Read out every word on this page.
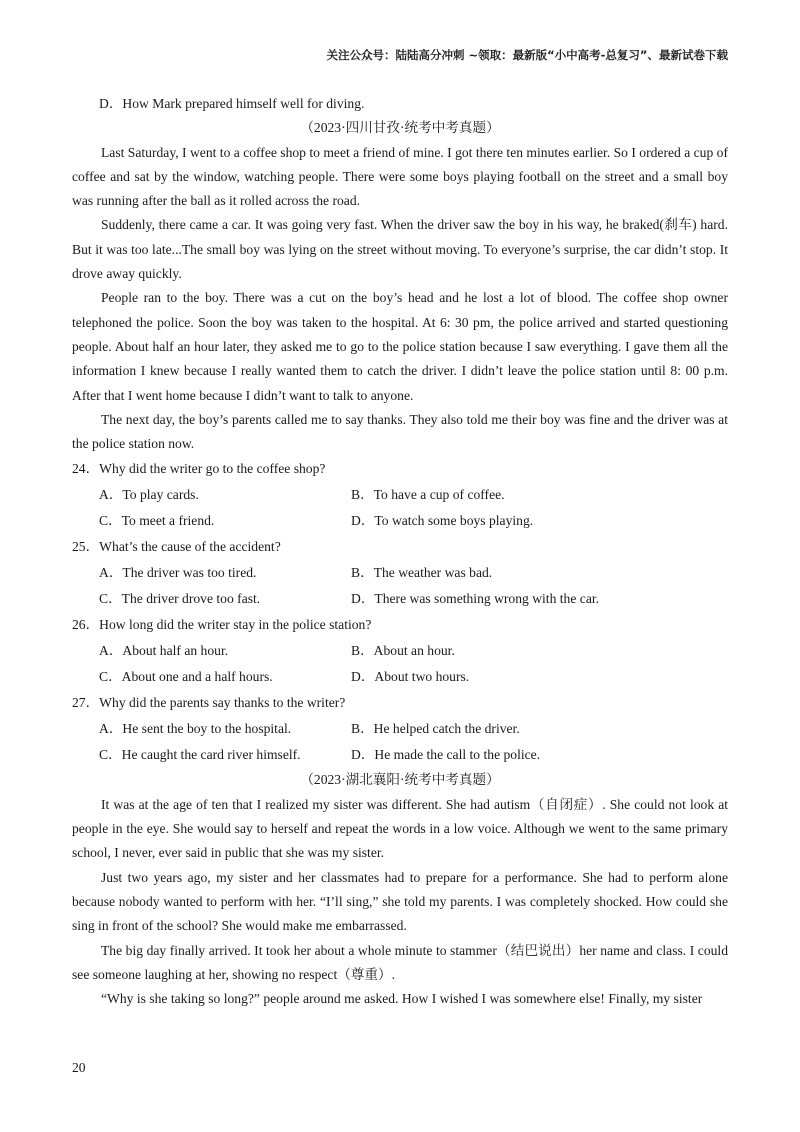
关注公众号：陆陆高分冲刺 ~领取：最新版“小中高考-总复习”、最新试卷下载

D．How Mark prepared himself well for diving.

（2023·四川甘孜·统考中考真题）

Last Saturday, I went to a coffee shop to meet a friend of mine. I got there ten minutes earlier. So I ordered a cup of coffee and sat by the window, watching people. There were some boys playing football on the street and a small boy was running after the ball as it rolled across the road.

Suddenly, there came a car. It was going very fast. When the driver saw the boy in his way, he braked(刹车) hard. But it was too late...The small boy was lying on the street without moving. To everyone’s surprise, the car didn’t stop. It drove away quickly.

People ran to the boy. There was a cut on the boy’s head and he lost a lot of blood. The coffee shop owner telephoned the police. Soon the boy was taken to the hospital. At 6: 30 pm, the police arrived and started questioning people. About half an hour later, they asked me to go to the police station because I saw everything. I gave them all the information I knew because I really wanted them to catch the driver. I didn’t leave the police station until 8: 00 p.m. After that I went home because I didn’t want to talk to anyone.

The next day, the boy’s parents called me to say thanks. They also told me their boy was fine and the driver was at the police station now.

24．Why did the writer go to the coffee shop?

A．To play cards.	B．To have a cup of coffee.
C．To meet a friend.	D．To watch some boys playing.

25．What’s the cause of the accident?

A．The driver was too tired.	B．The weather was bad.
C．The driver drove too fast.	D．There was something wrong with the car.

26．How long did the writer stay in the police station?

A．About half an hour.	B．About an hour.
C．About one and a half hours.	D．About two hours.

27．Why did the parents say thanks to the writer?

A．He sent the boy to the hospital.	B．He helped catch the driver.
C．He caught the card river himself.	D．He made the call to the police.

（2023·湖北襄阳·统考中考真题）

It was at the age of ten that I realized my sister was different. She had autism（自闭症）. She could not look at people in the eye. She would say to herself and repeat the words in a low voice. Although we went to the same primary school, I never, ever said in public that she was my sister.

Just two years ago, my sister and her classmates had to prepare for a performance. She had to perform alone because nobody wanted to perform with her. “I’ll sing,” she told my parents. I was completely shocked. How could she sing in front of the school? She would make me embarrassed.

The big day finally arrived. It took her about a whole minute to stammer（结巴说出）her name and class. I could see someone laughing at her, showing no respect（尊重）.

“Why is she taking so long?” people around me asked. How I wished I was somewhere else! Finally, my sister

20
